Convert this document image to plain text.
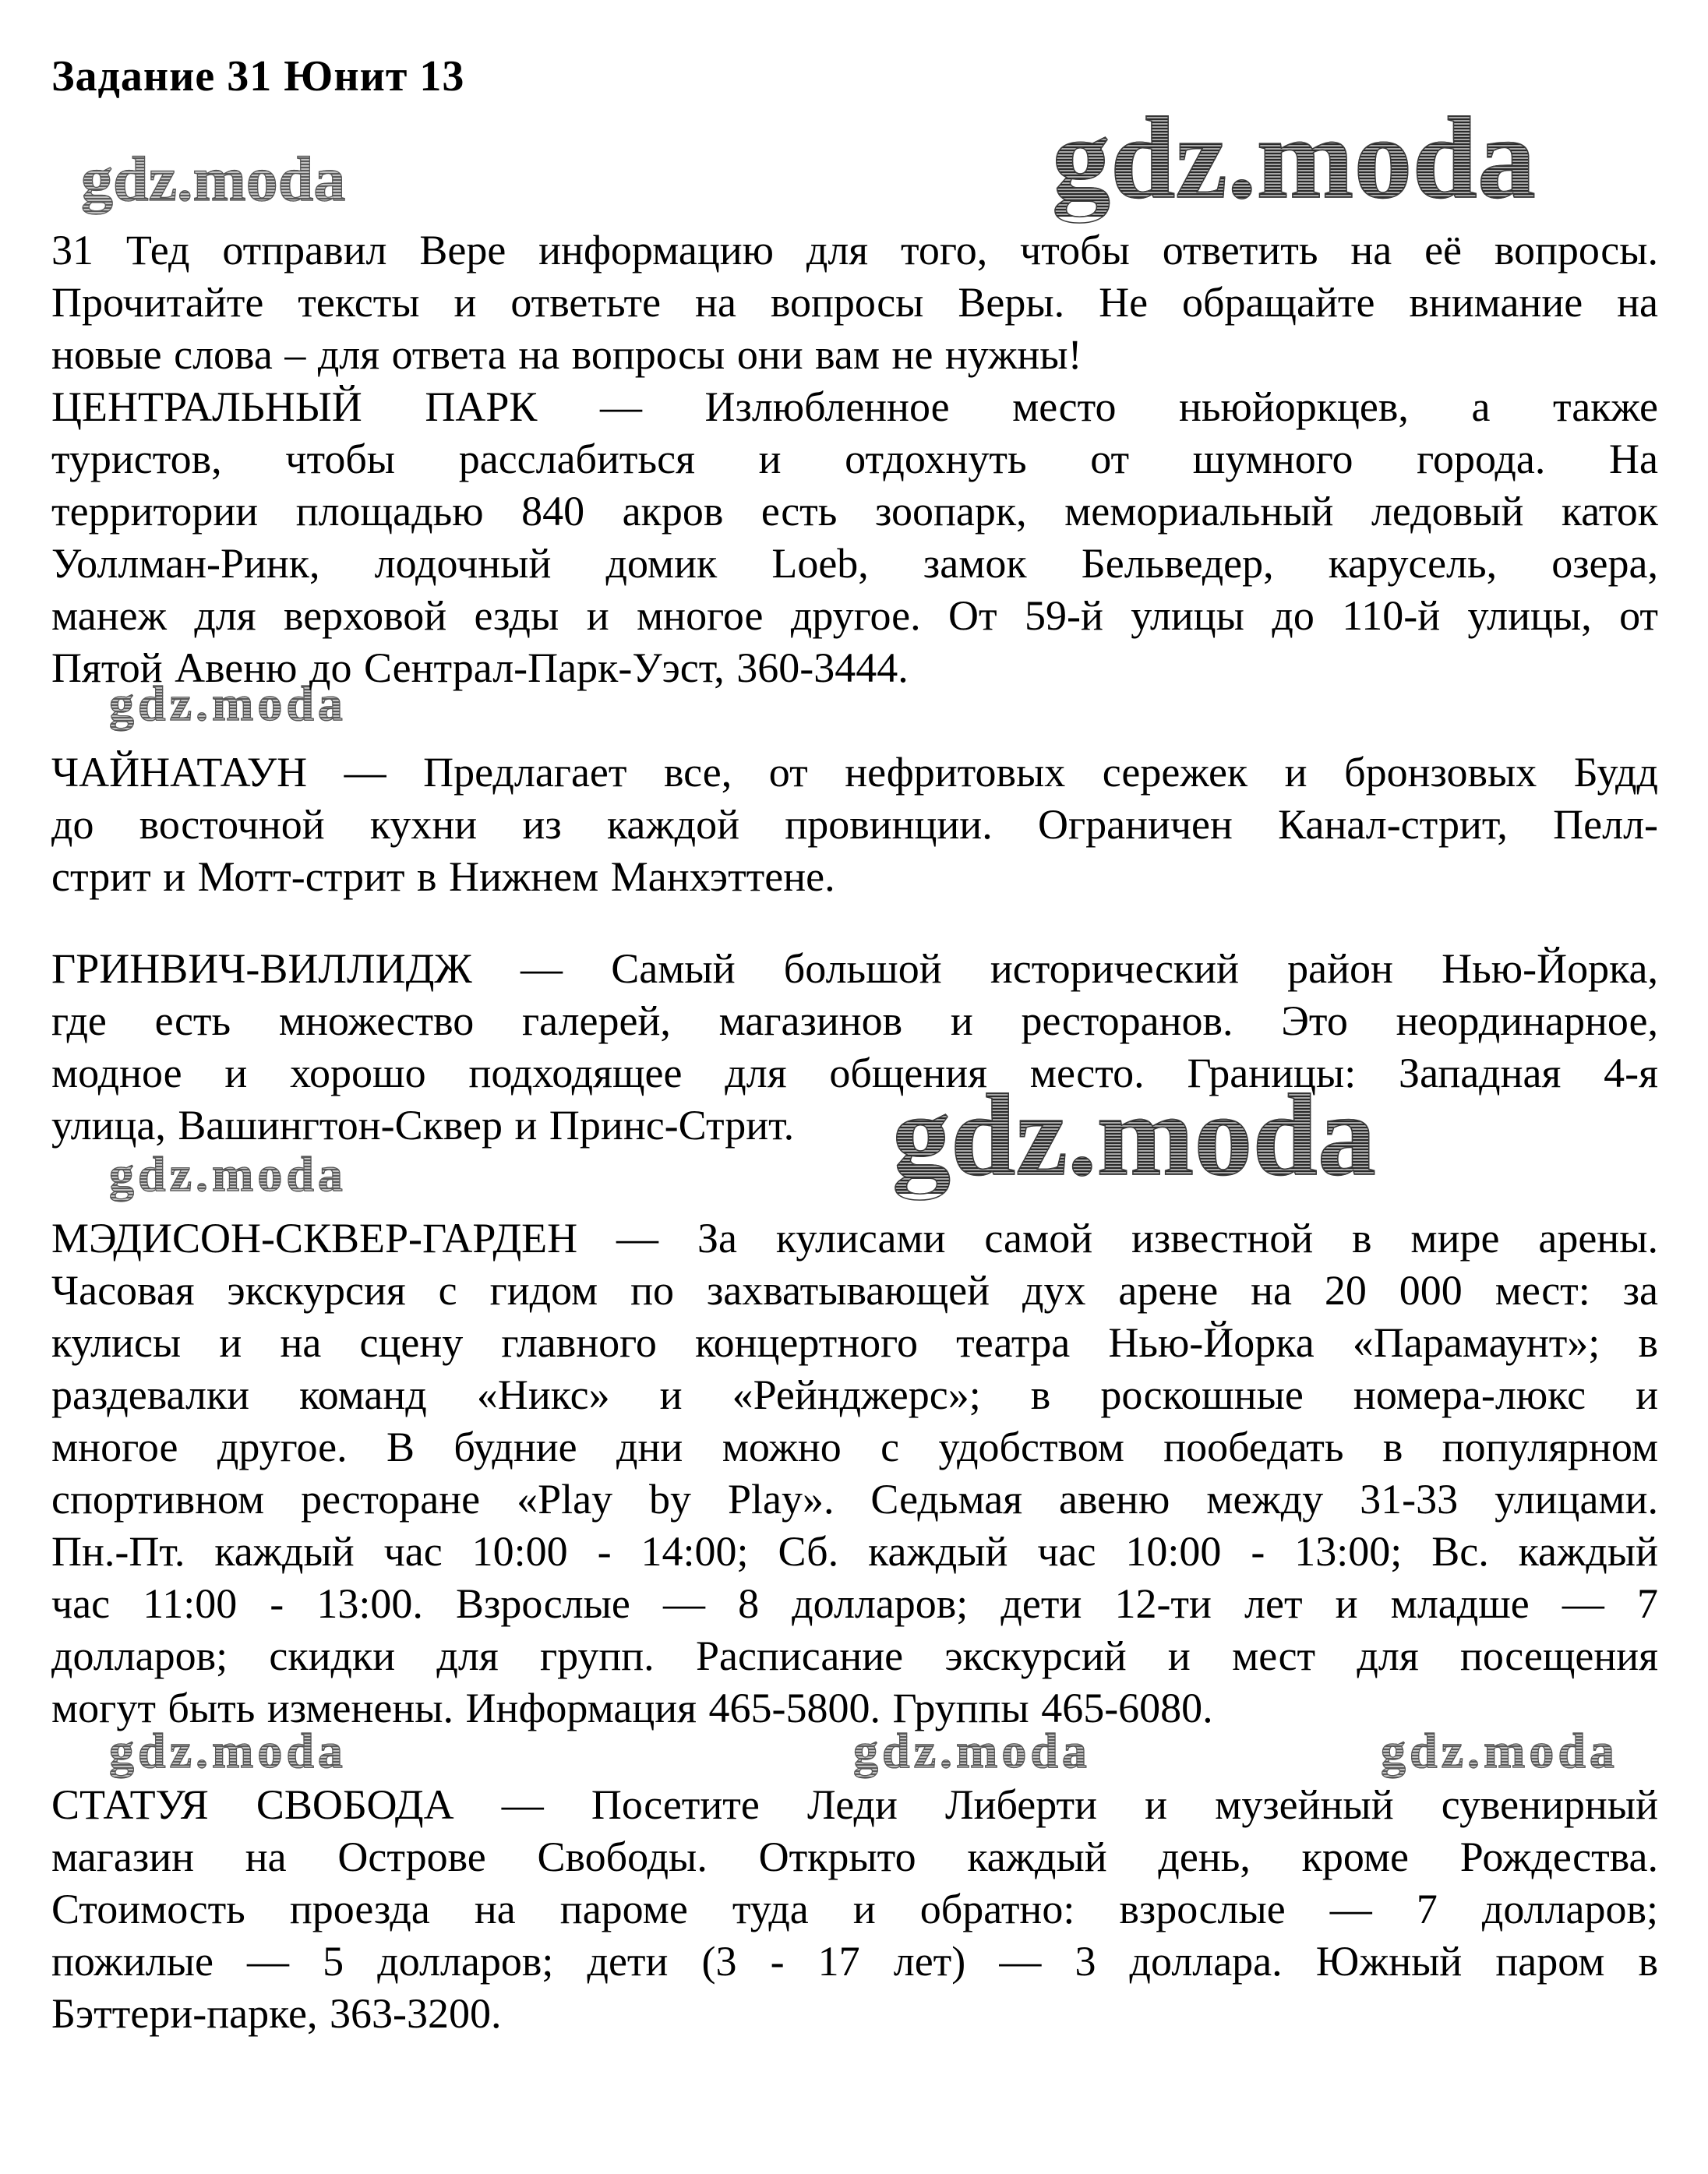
Задание 31 Юнит 13
gdz.moda
gdz.moda
gdz.moda
gdz.moda
gdz.moda
gdz.moda	gdz.moda	gdz.moda
31 Тед отправил Вере информацию для того, чтобы ответить на её вопросы.
Прочитайте тексты и ответьте на вопросы Веры. Не обращайте внимание на
новые слова – для ответа на вопросы они вам не нужны!
ЦЕНТРАЛЬНЫЙ ПАРК — Излюбленное место ньюйоркцев, а также
туристов, чтобы расслабиться и отдохнуть от шумного города. На
территории площадью 840 акров есть зоопарк, мемориальный ледовый каток
Уоллман-Ринк, лодочный домик Loeb, замок Бельведер, карусель, озера,
манеж для верховой езды и многое другое. От 59-й улицы до 110-й улицы, от
Пятой Авеню до Сентрал-Парк-Уэст, 360-3444.
ЧАЙНАТАУН — Предлагает все, от нефритовых сережек и бронзовых Будд
до восточной кухни из каждой провинции. Ограничен Канал-стрит, Пелл-
стрит и Мотт-стрит в Нижнем Манхэттене.
ГРИНВИЧ-ВИЛЛИДЖ — Самый большой исторический район Нью-Йорка,
где есть множество галерей, магазинов и ресторанов. Это неординарное,
модное и хорошо подходящее для общения место. Границы: Западная 4-я
улица, Вашингтон-Сквер и Принс-Стрит.
МЭДИСОН-СКВЕР-ГАРДЕН — За кулисами самой известной в мире арены.
Часовая экскурсия с гидом по захватывающей дух арене на 20 000 мест: за
кулисы и на сцену главного концертного театра Нью-Йорка «Парамаунт»; в
раздевалки команд «Никс» и «Рейнджерс»; в роскошные номера-люкс и
многое другое. В будние дни можно с удобством пообедать в популярном
спортивном ресторане «Play by Play». Седьмая авеню между 31-33 улицами.
Пн.-Пт. каждый час 10:00 - 14:00; Сб. каждый час 10:00 - 13:00; Вс. каждый
час 11:00 - 13:00. Взрослые — 8 долларов; дети 12-ти лет и младше — 7
долларов; скидки для групп. Расписание экскурсий и мест для посещения
могут быть изменены. Информация 465-5800. Группы 465-6080.
СТАТУЯ СВОБОДА — Посетите Леди Либерти и музейный сувенирный
магазин на Острове Свободы. Открыто каждый день, кроме Рождества.
Стоимость проезда на пароме туда и обратно: взрослые — 7 долларов;
пожилые — 5 долларов; дети (3 - 17 лет) — 3 доллара. Южный паром в
Бэттери-парке, 363-3200.
